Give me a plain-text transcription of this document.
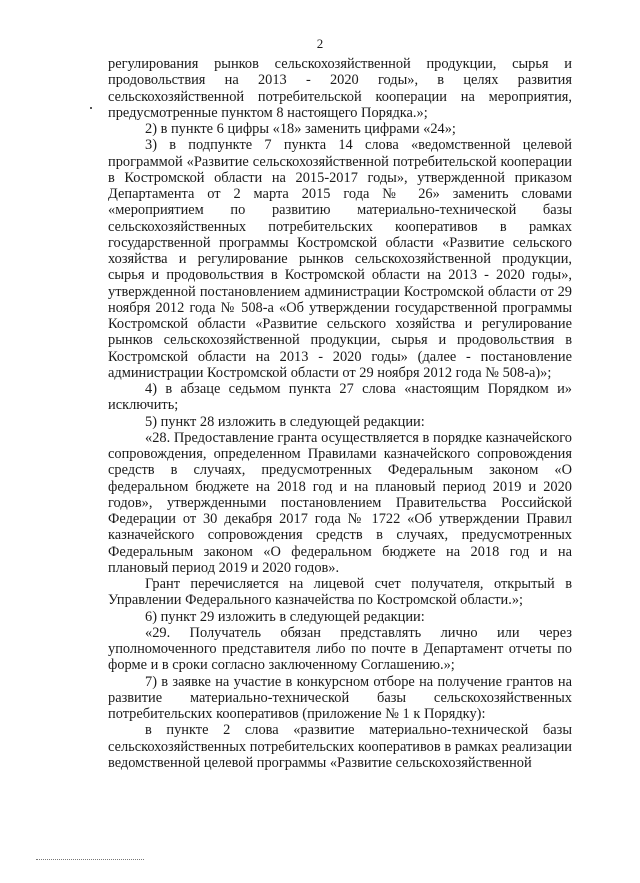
2

регулирования рынков сельскохозяйственной продукции, сырья и продовольствия на 2013 - 2020 годы», в целях развития сельскохозяйственной потребительской кооперации на мероприятия, предусмотренные пунктом 8 настоящего Порядка.»;

2) в пункте 6 цифры «18» заменить цифрами «24»;

3) в подпункте 7 пункта 14 слова «ведомственной целевой программой «Развитие сельскохозяйственной потребительской кооперации в Костромской области на 2015-2017 годы», утвержденной приказом Департамента от 2 марта 2015 года № 26» заменить словами «мероприятием по развитию материально-технической базы сельскохозяйственных потребительских кооперативов в рамках государственной программы Костромской области «Развитие сельского хозяйства и регулирование рынков сельскохозяйственной продукции, сырья и продовольствия в Костромской области на 2013 - 2020 годы», утвержденной постановлением администрации Костромской области от 29 ноября 2012 года № 508-а «Об утверждении государственной программы Костромской области «Развитие сельского хозяйства и регулирование рынков сельскохозяйственной продукции, сырья и продовольствия в Костромской области на 2013 - 2020 годы» (далее - постановление администрации Костромской области от 29 ноября 2012 года № 508-а)»;

4) в абзаце седьмом пункта 27 слова «настоящим Порядком и» исключить;

5) пункт 28 изложить в следующей редакции:

«28. Предоставление гранта осуществляется в порядке казначейского сопровождения, определенном Правилами казначейского сопровождения средств в случаях, предусмотренных Федеральным законом «О федеральном бюджете на 2018 год и на плановый период 2019 и 2020 годов», утвержденными постановлением Правительства Российской Федерации от 30 декабря 2017 года № 1722 «Об утверждении Правил казначейского сопровождения средств в случаях, предусмотренных Федеральным законом «О федеральном бюджете на 2018 год и на плановый период 2019 и 2020 годов».

Грант перечисляется на лицевой счет получателя, открытый в Управлении Федерального казначейства по Костромской области.»;

6) пункт 29 изложить в следующей редакции:

«29. Получатель обязан представлять лично или через уполномоченного представителя либо по почте в Департамент отчеты по форме и в сроки согласно заключенному Соглашению.»;

7) в заявке на участие в конкурсном отборе на получение грантов на развитие материально-технической базы сельскохозяйственных потребительских кооперативов (приложение № 1 к Порядку):

в пункте 2 слова «развитие материально-технической базы сельскохозяйственных потребительских кооперативов в рамках реализации ведомственной целевой программы «Развитие сельскохозяйственной
